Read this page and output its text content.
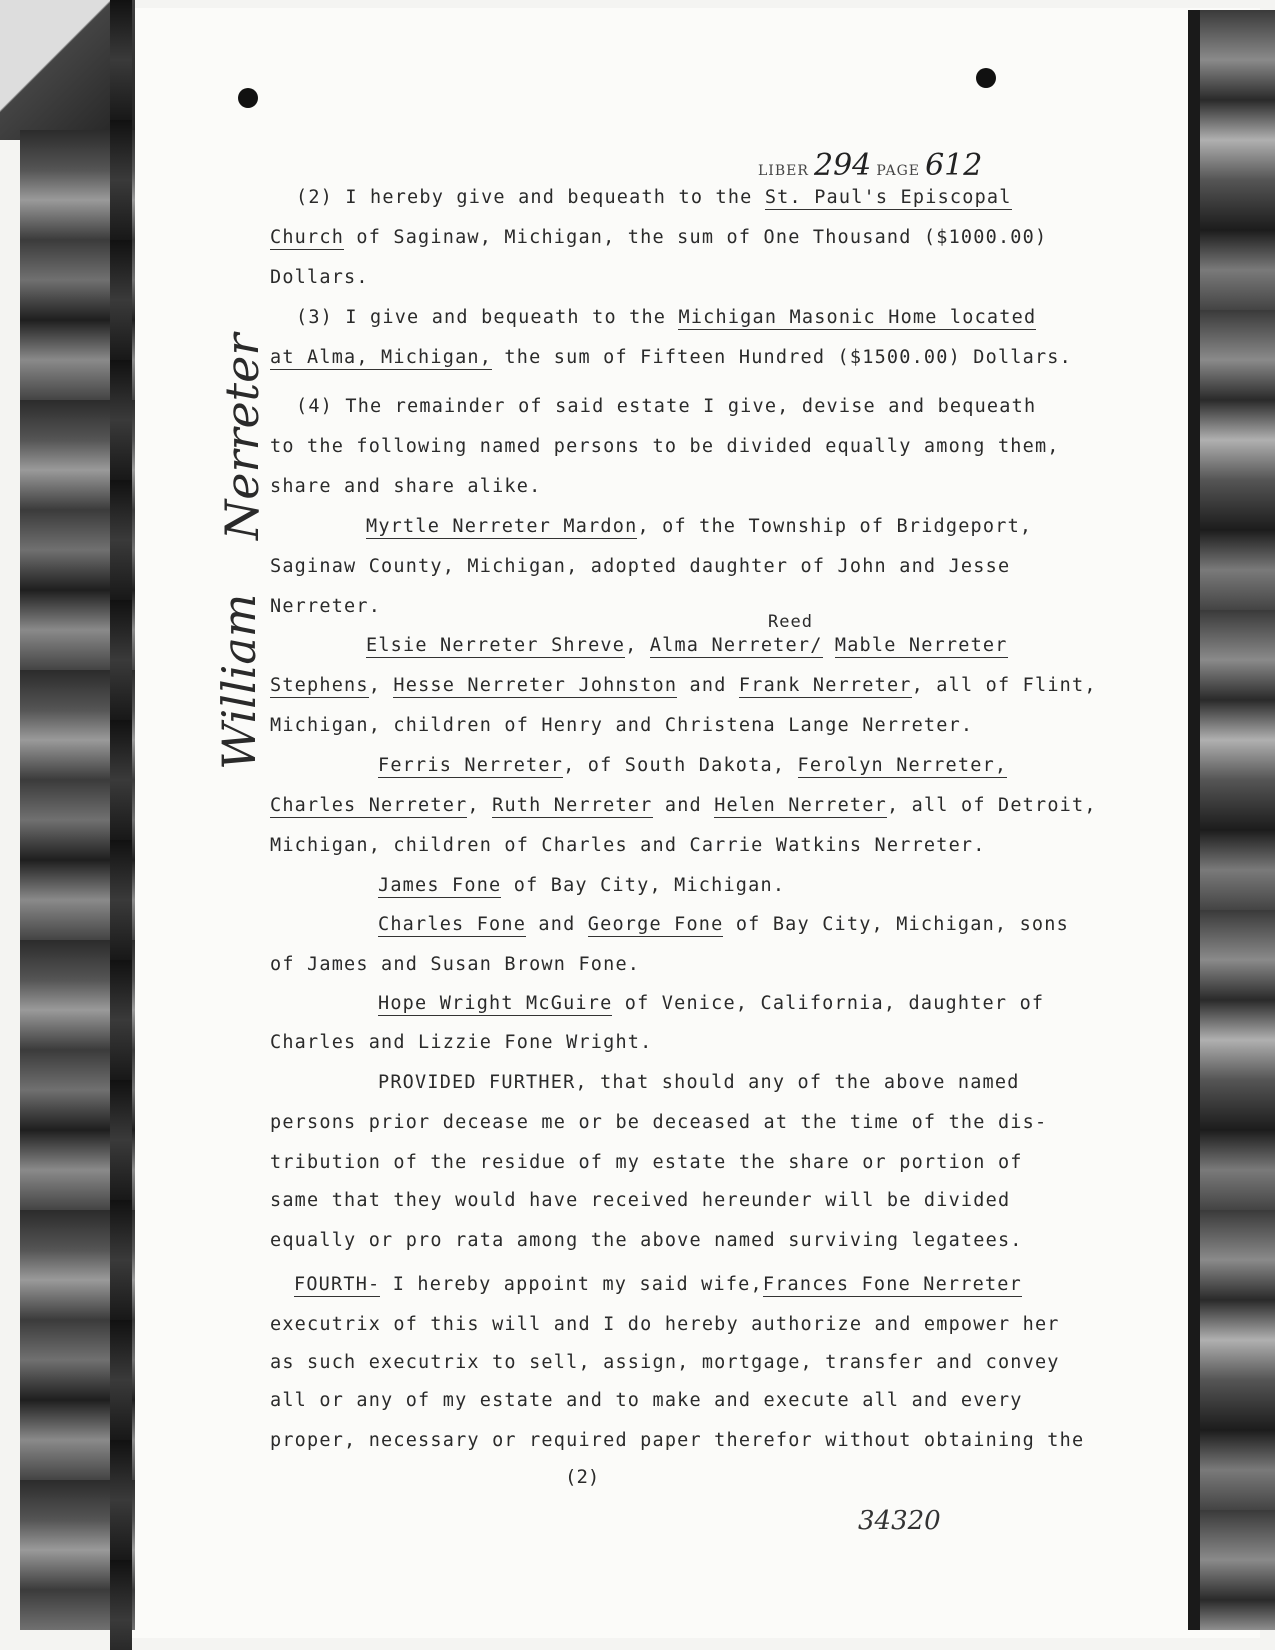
LIBER 294 PAGE 612
Nerreter
William
(2) I hereby give and bequeath to the St. Paul's Episcopal
Church of Saginaw, Michigan, the sum of One Thousand ($1000.00)
Dollars.
(3) I give and bequeath to the Michigan Masonic Home located
at Alma, Michigan, the sum of Fifteen Hundred ($1500.00) Dollars.
(4) The remainder of said estate I give, devise and bequeath
to the following named persons to be divided equally among them,
share and share alike.
Myrtle Nerreter Mardon, of the Township of Bridgeport,
Saginaw County, Michigan, adopted daughter of John and Jesse
Nerreter.
Reed
Elsie Nerreter Shreve, Alma Nerreter/ Mable Nerreter
Stephens, Hesse Nerreter Johnston and Frank Nerreter, all of Flint,
Michigan, children of Henry and Christena Lange Nerreter.
Ferris Nerreter, of South Dakota, Ferolyn Nerreter,
Charles Nerreter, Ruth Nerreter and Helen Nerreter, all of Detroit,
Michigan, children of Charles and Carrie Watkins Nerreter.
James Fone of Bay City, Michigan.
Charles Fone and George Fone of Bay City, Michigan, sons
of James and Susan Brown Fone.
Hope Wright McGuire of Venice, California, daughter of
Charles and Lizzie Fone Wright.
PROVIDED FURTHER, that should any of the above named
persons prior decease me or be deceased at the time of the dis-
tribution of the residue of my estate the share or portion of
same that they would have received hereunder will be divided
equally or pro rata among the above named surviving legatees.
FOURTH- I hereby appoint my said wife,Frances Fone Nerreter
executrix of this will and I do hereby authorize and empower her
as such executrix to sell, assign, mortgage, transfer and convey
all or any of my estate and to make and execute all and every
proper, necessary or required paper therefor without obtaining the
(2)
34320
